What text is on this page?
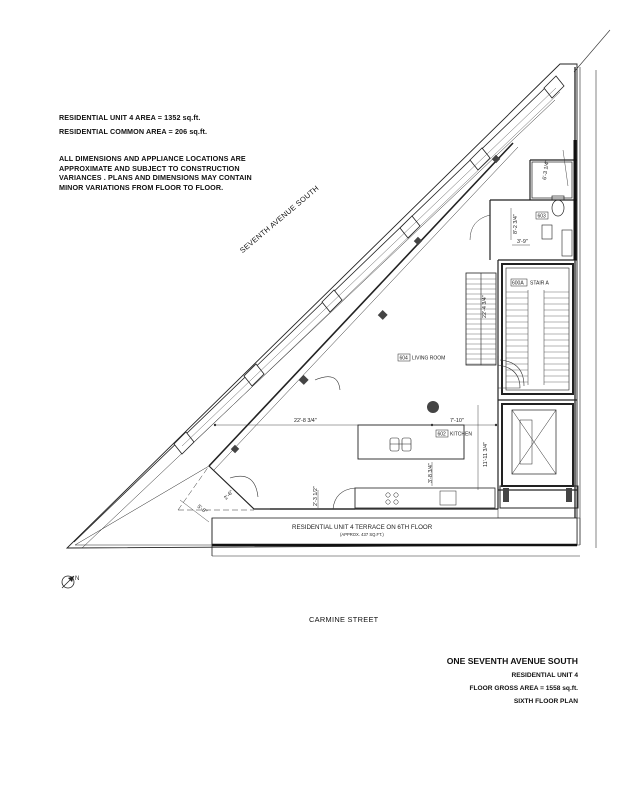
RESIDENTIAL UNIT 4 AREA = 1352 sq.ft.
RESIDENTIAL COMMON AREA = 206 sq.ft.
ALL DIMENSIONS AND APPLIANCE LOCATIONS ARE
APPROXIMATE AND SUBJECT TO CONSTRUCTION
VARIANCES . PLANS AND DIMENSIONS MAY CONTAIN
MINOR VARIATIONS FROM FLOOR TO FLOOR. SEVENTH AVENUE SOUTH
CARMINE STREET
604 LIVING ROOM
602 KITCHEN
600A STAIR A
603
22'-8 3/4"	7'-10"
11'-11 3/4"
3'-8 3/4"
22'-4 3/4"
8'-2 3/4"
3'-9"
6'-3 1/4"
5'-8"
2'-6"	2'-3 1/2"
RESIDENTIAL UNIT 4 TERRACE ON 6TH FLOOR
(APPROX. 437 SQ.FT.)
N
ONE SEVENTH AVENUE SOUTH
RESIDENTIAL UNIT 4
FLOOR GROSS AREA = 1558 sq.ft.
SIXTH FLOOR PLAN
